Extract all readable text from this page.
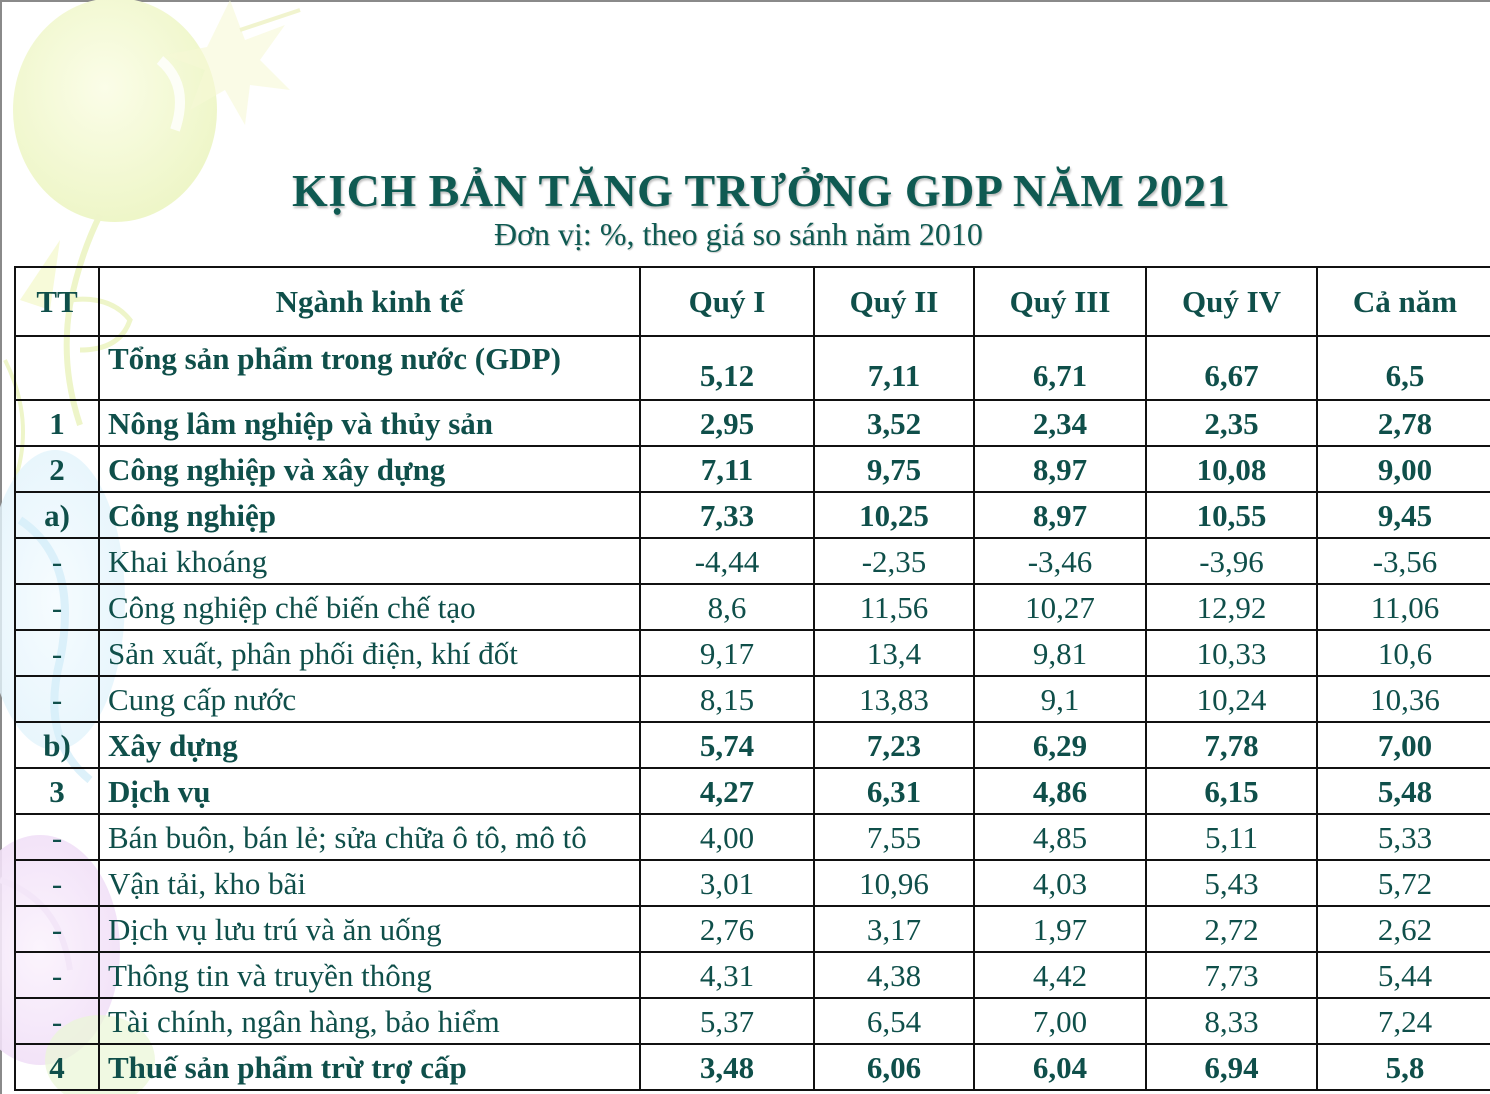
KỊCH BẢN TĂNG TRƯỞNG GDP NĂM 2021
Đơn vị: %, theo giá so sánh năm 2010
TT	Ngành kinh tế	Quý I	Quý II	Quý III	Quý IV	Cả năm
	Tổng sản phẩm trong nước (GDP)	5,12	7,11	6,71	6,67	6,5
1	Nông lâm nghiệp và thủy sản	2,95	3,52	2,34	2,35	2,78
2	Công nghiệp và xây dựng	7,11	9,75	8,97	10,08	9,00
a)	Công nghiệp	7,33	10,25	8,97	10,55	9,45
-	Khai khoáng	-4,44	-2,35	-3,46	-3,96	-3,56
-	Công nghiệp chế biến chế tạo	8,6	11,56	10,27	12,92	11,06
-	Sản xuất, phân phối điện, khí đốt	9,17	13,4	9,81	10,33	10,6
-	Cung cấp nước	8,15	13,83	9,1	10,24	10,36
b)	Xây dựng	5,74	7,23	6,29	7,78	7,00
3	Dịch vụ	4,27	6,31	4,86	6,15	5,48
-	Bán buôn, bán lẻ; sửa chữa ô tô, mô tô	4,00	7,55	4,85	5,11	5,33
-	Vận tải, kho bãi	3,01	10,96	4,03	5,43	5,72
-	Dịch vụ lưu trú và ăn uống	2,76	3,17	1,97	2,72	2,62
-	Thông tin và truyền thông	4,31	4,38	4,42	7,73	5,44
-	Tài chính, ngân hàng, bảo hiểm	5,37	6,54	7,00	8,33	7,24
4	Thuế sản phẩm trừ trợ cấp	3,48	6,06	6,04	6,94	5,8
